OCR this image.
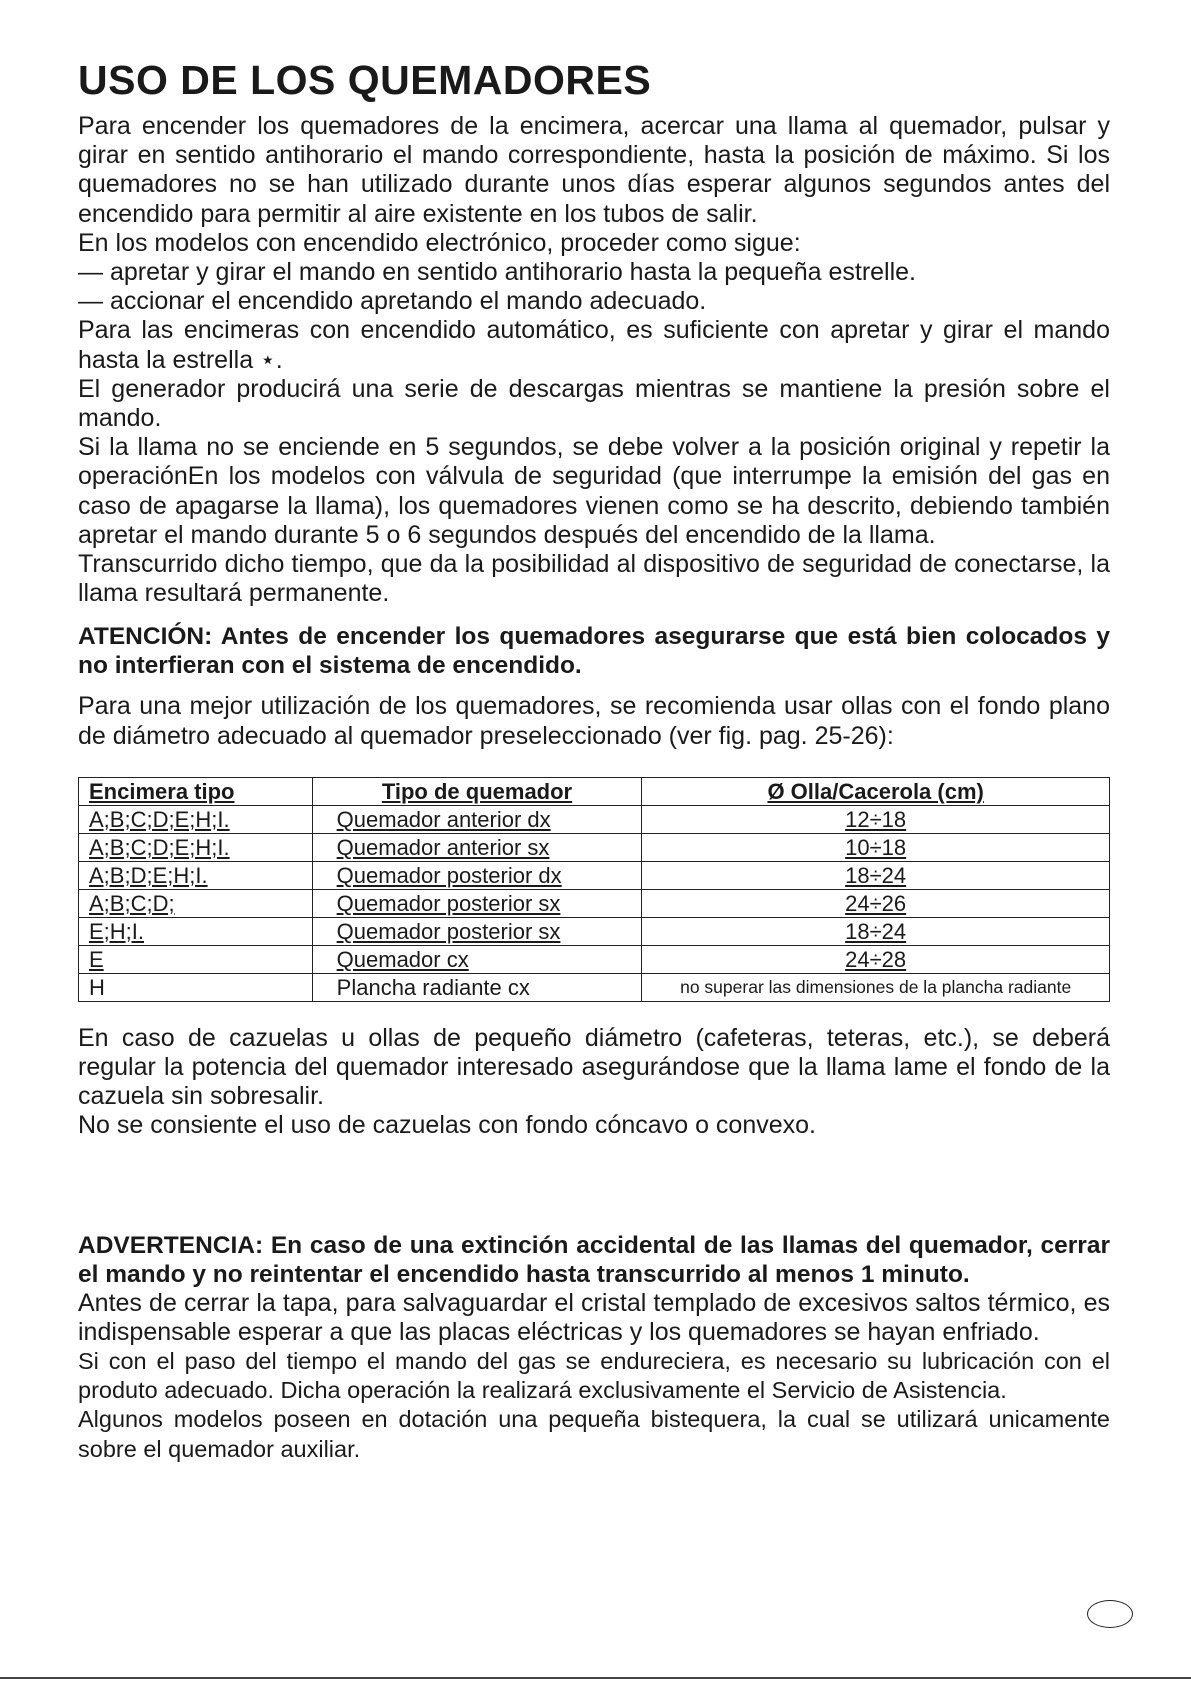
USO DE LOS QUEMADORES

Para encender los quemadores de la encimera, acercar una llama al quemador, pulsar y girar en sentido antihorario el mando correspondiente, hasta la posición de máximo. Si los quemadores no se han utilizado durante unos días esperar algunos segundos antes del encendido para permitir al aire existente en los tubos de salir.

En los modelos con encendido electrónico, proceder como sigue:

— apretar y girar el mando en sentido antihorario hasta la pequeña estrelle.

— accionar el encendido apretando el mando adecuado.

Para las encimeras con encendido automático, es suficiente con apretar y girar el mando hasta la estrella ⋆.

El generador producirá una serie de descargas mientras se mantiene la presión sobre el mando.

Si la llama no se enciende en 5 segundos, se debe volver a la posición original y repetir la operaciónEn los modelos con válvula de seguridad (que interrumpe la emisión del gas en caso de apagarse la llama), los quemadores vienen como se ha descrito, debiendo también apretar el mando durante 5 o 6 segundos después del encendido de la llama.

Transcurrido dicho tiempo, que da la posibilidad al dispositivo de seguridad de conectarse, la llama resultará permanente.

ATENCIÓN: Antes de encender los quemadores asegurarse que está bien colocados y no interfieran con el sistema de encendido.

Para una mejor utilización de los quemadores, se recomienda usar ollas con el fondo plano de diámetro adecuado al quemador preseleccionado (ver fig. pag. 25-26):

Encimera tipo	Tipo de quemador	Ø Olla/Cacerola (cm)
A;B;C;D;E;H;I.	Quemador anterior dx	12÷18
A;B;C;D;E;H;I.	Quemador anterior sx	10÷18
A;B;D;E;H;I.	Quemador posterior dx	18÷24
A;B;C;D;	Quemador posterior sx	24÷26
E;H;I.	Quemador posterior sx	18÷24
E	Quemador cx	24÷28
H	Plancha radiante cx	no superar las dimensiones de la plancha radiante

En caso de cazuelas u ollas de pequeño diámetro (cafeteras, teteras, etc.), se deberá regular la potencia del quemador interesado asegurándose que la llama lame el fondo de la cazuela sin sobresalir.

No se consiente el uso de cazuelas con fondo cóncavo o convexo.

ADVERTENCIA: En caso de una extinción accidental de las llamas del quemador, cerrar el mando y no reintentar el encendido hasta transcurrido al menos 1 minuto.

Antes de cerrar la tapa, para salvaguardar el cristal templado de excesivos saltos térmico, es indispensable esperar a que las placas eléctricas y los quemadores se hayan enfriado.

Si con el paso del tiempo el mando del gas se endureciera, es necesario su lubricación con el produto adecuado. Dicha operación la realizará exclusivamente el Servicio de Asistencia.

Algunos modelos poseen en dotación una pequeña bistequera, la cual se utilizará unicamente sobre el quemador auxiliar.
